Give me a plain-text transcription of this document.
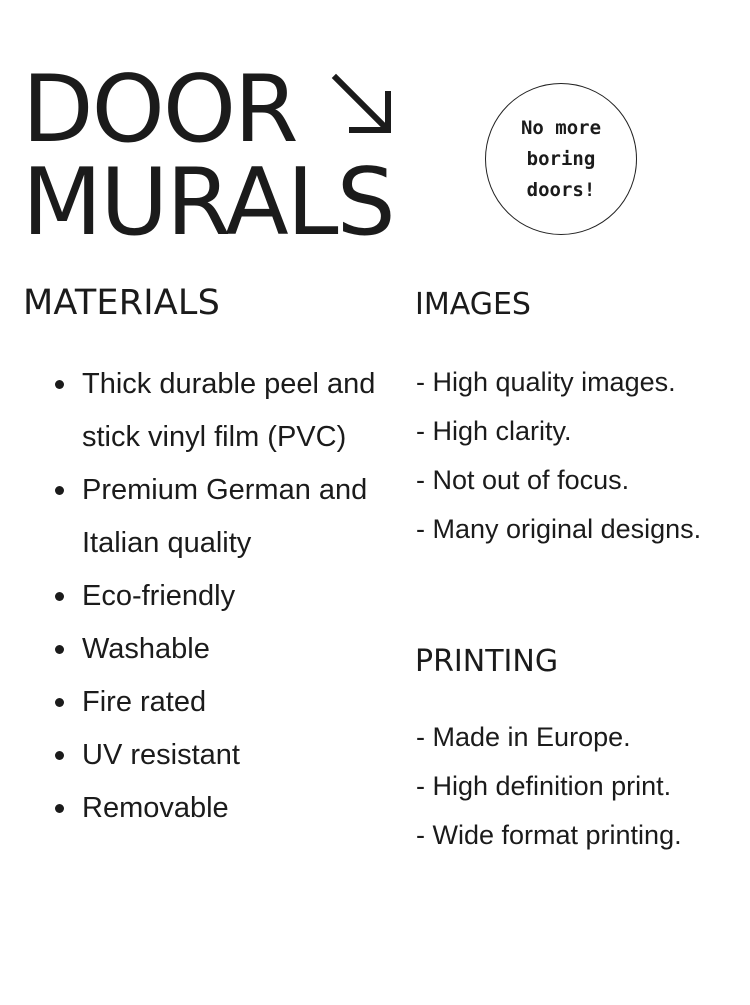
DOOR
MURALS
No more
boring
doors!
MATERIALS
Thick durable peel and stick vinyl film (PVC)
Premium German and Italian quality
Eco-friendly
Washable
Fire rated
UV resistant
Removable
IMAGES
- High quality images.
- High clarity.
- Not out of focus.
- Many original designs.
PRINTING
- Made in Europe.
- High definition print.
- Wide format printing.
